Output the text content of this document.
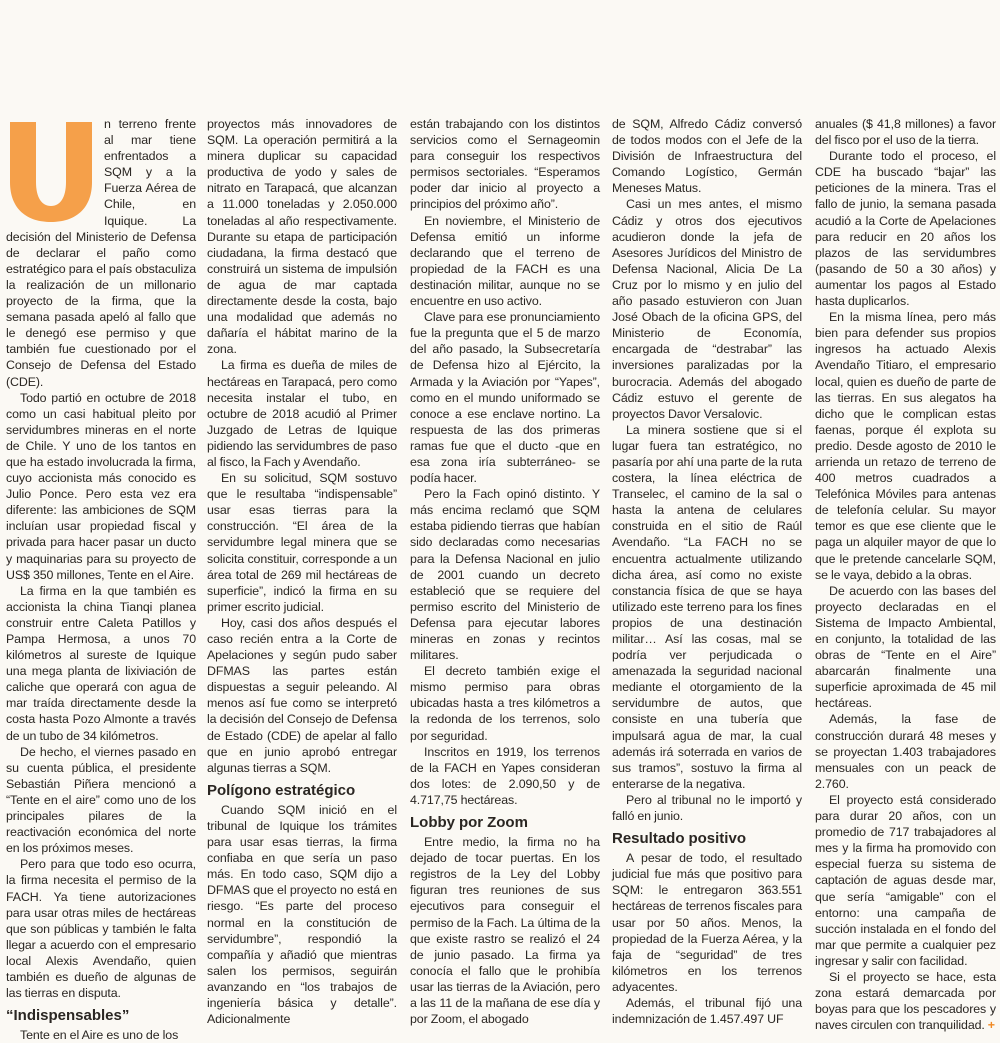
n terreno frente al mar tiene enfrentados a SQM y a la Fuerza Aérea de Chile, en Iquique. La decisión del Ministerio de Defensa de declarar el paño como estratégico para el país obstaculiza la realización de un millonario proyecto de la firma, que la semana pasada apeló al fallo que le denegó ese permiso y que también fue cuestionado por el Consejo de Defensa del Estado (CDE).

Todo partió en octubre de 2018 como un casi habitual pleito por servidumbres mineras en el norte de Chile. Y uno de los tantos en que ha estado involucrada la firma, cuyo accionista más conocido es Julio Ponce. Pero esta vez era diferente: las ambiciones de SQM incluían usar propiedad fiscal y privada para hacer pasar un ducto y maquinarias para su proyecto de US$ 350 millones, Tente en el Aire.

La firma en la que también es accionista la china Tianqi planea construir entre Caleta Patillos y Pampa Hermosa, a unos 70 kilómetros al sureste de Iquique una mega planta de lixiviación de caliche que operará con agua de mar traída directamente desde la costa hasta Pozo Almonte a través de un tubo de 34 kilómetros.

De hecho, el viernes pasado en su cuenta pública, el presidente Sebastián Piñera mencionó a “Tente en el aire” como uno de los principales pilares de la reactivación económica del norte en los próximos meses.

Pero para que todo eso ocurra, la firma necesita el permiso de la FACH. Ya tiene autorizaciones para usar otras miles de hectáreas que son públicas y también le falta llegar a acuerdo con el empresario local Alexis Avendaño, quien también es dueño de algunas de las tierras en disputa.

“Indispensables”

Tente en el Aire es uno de los

proyectos más innovadores de SQM. La operación permitirá a la minera duplicar su capacidad productiva de yodo y sales de nitrato en Tarapacá, que alcanzan a 11.000 toneladas y 2.050.000 toneladas al año respectivamente. Durante su etapa de participación ciudadana, la firma destacó que construirá un sistema de impulsión de agua de mar captada directamente desde la costa, bajo una modalidad que además no dañaría el hábitat marino de la zona.

La firma es dueña de miles de hectáreas en Tarapacá, pero como necesita instalar el tubo, en octubre de 2018 acudió al Primer Juzgado de Letras de Iquique pidiendo las servidumbres de paso al fisco, la Fach y Avendaño.

En su solicitud, SQM sostuvo que le resultaba “indispensable” usar esas tierras para la construcción. “El área de la servidumbre legal minera que se solicita constituir, corresponde a un área total de 269 mil hectáreas de superficie”, indicó la firma en su primer escrito judicial.

Hoy, casi dos años después el caso recién entra a la Corte de Apelaciones y según pudo saber DFMAS las partes están dispuestas a seguir peleando. Al menos así fue como se interpretó la decisión del Consejo de Defensa de Estado (CDE) de apelar al fallo que en junio aprobó entregar algunas tierras a SQM.

Polígono estratégico

Cuando SQM inició en el tribunal de Iquique los trámites para usar esas tierras, la firma confiaba en que sería un paso más. En todo caso, SQM dijo a DFMAS que el proyecto no está en riesgo. “Es parte del proceso normal en la constitución de servidumbre”, respondió la compañía y añadió que mientras salen los permisos, seguirán avanzando en “los trabajos de ingeniería básica y detalle”. Adicionalmente

están trabajando con los distintos servicios como el Sernageomin para conseguir los respectivos permisos sectoriales. “Esperamos poder dar inicio al proyecto a principios del próximo año”.

En noviembre, el Ministerio de Defensa emitió un informe declarando que el terreno de propiedad de la FACH es una destinación militar, aunque no se encuentre en uso activo.

Clave para ese pronunciamiento fue la pregunta que el 5 de marzo del año pasado, la Subsecretaría de Defensa hizo al Ejército, la Armada y la Aviación por “Yapes”, como en el mundo uniformado se conoce a ese enclave nortino. La respuesta de las dos primeras ramas fue que el ducto -que en esa zona iría subterráneo- se podía hacer.

Pero la Fach opinó distinto. Y más encima reclamó que SQM estaba pidiendo tierras que habían sido declaradas como necesarias para la Defensa Nacional en julio de 2001 cuando un decreto estableció que se requiere del permiso escrito del Ministerio de Defensa para ejecutar labores mineras en zonas y recintos militares.

El decreto también exige el mismo permiso para obras ubicadas hasta a tres kilómetros a la redonda de los terrenos, solo por seguridad.

Inscritos en 1919, los terrenos de la FACH en Yapes consideran dos lotes: de 2.090,50 y de 4.717,75 hectáreas.

Lobby por Zoom

Entre medio, la firma no ha dejado de tocar puertas. En los registros de la Ley del Lobby figuran tres reuniones de sus ejecutivos para conseguir el permiso de la Fach. La última de la que existe rastro se realizó el 24 de junio pasado. La firma ya conocía el fallo que le prohibía usar las tierras de la Aviación, pero a las 11 de la mañana de ese día y por Zoom, el abogado

de SQM, Alfredo Cádiz conversó de todos modos con el Jefe de la División de Infraestructura del Comando Logístico, Germán Meneses Matus.

Casi un mes antes, el mismo Cádiz y otros dos ejecutivos acudieron donde la jefa de Asesores Jurídicos del Ministro de Defensa Nacional, Alicia De La Cruz por lo mismo y en julio del año pasado estuvieron con Juan José Obach de la oficina GPS, del Ministerio de Economía, encargada de “destrabar” las inversiones paralizadas por la burocracia. Además del abogado Cádiz estuvo el gerente de proyectos Davor Versalovic.

La minera sostiene que si el lugar fuera tan estratégico, no pasaría por ahí una parte de la ruta costera, la línea eléctrica de Transelec, el camino de la sal o hasta la antena de celulares construida en el sitio de Raúl Avendaño. “La FACH no se encuentra actualmente utilizando dicha área, así como no existe constancia física de que se haya utilizado este terreno para los fines propios de una destinación militar… Así las cosas, mal se podría ver perjudicada o amenazada la seguridad nacional mediante el otorgamiento de la servidumbre de autos, que consiste en una tubería que impulsará agua de mar, la cual además irá soterrada en varios de sus tramos”, sostuvo la firma al enterarse de la negativa.

Pero al tribunal no le importó y falló en junio.

Resultado positivo

A pesar de todo, el resultado judicial fue más que positivo para SQM: le entregaron 363.551 hectáreas de terrenos fiscales para usar por 50 años. Menos, la propiedad de la Fuerza Aérea, y la faja de “seguridad” de tres kilómetros en los terrenos adyacentes.

Además, el tribunal fijó una indemnización de 1.457.497 UF

anuales ($ 41,8 millones) a favor del fisco por el uso de la tierra.

Durante todo el proceso, el CDE ha buscado “bajar” las peticiones de la minera. Tras el fallo de junio, la semana pasada acudió a la Corte de Apelaciones para reducir en 20 años los plazos de las servidumbres (pasando de 50 a 30 años) y aumentar los pagos al Estado hasta duplicarlos.

En la misma línea, pero más bien para defender sus propios ingresos ha actuado Alexis Avendaño Titiaro, el empresario local, quien es dueño de parte de las tierras. En sus alegatos ha dicho que le complican estas faenas, porque él explota su predio. Desde agosto de 2010 le arrienda un retazo de terreno de 400 metros cuadrados a Telefónica Móviles para antenas de telefonía celular. Su mayor temor es que ese cliente que le paga un alquiler mayor de que lo que le pretende cancelarle SQM, se le vaya, debido a la obras.

De acuerdo con las bases del proyecto declaradas en el Sistema de Impacto Ambiental, en conjunto, la totalidad de las obras de “Tente en el Aire” abarcarán finalmente una superficie aproximada de 45 mil hectáreas.

Además, la fase de construcción durará 48 meses y se proyectan 1.403 trabajadores mensuales con un peack de 2.760.

El proyecto está considerado para durar 20 años, con un promedio de 717 trabajadores al mes y la firma ha promovido con especial fuerza su sistema de captación de aguas desde mar, que sería “amigable” con el entorno: una campaña de succión instalada en el fondo del mar que permite a cualquier pez ingresar y salir con facilidad.

Si el proyecto se hace, esta zona estará demarcada por boyas para que los pescadores y naves circulen con tranquilidad. +
